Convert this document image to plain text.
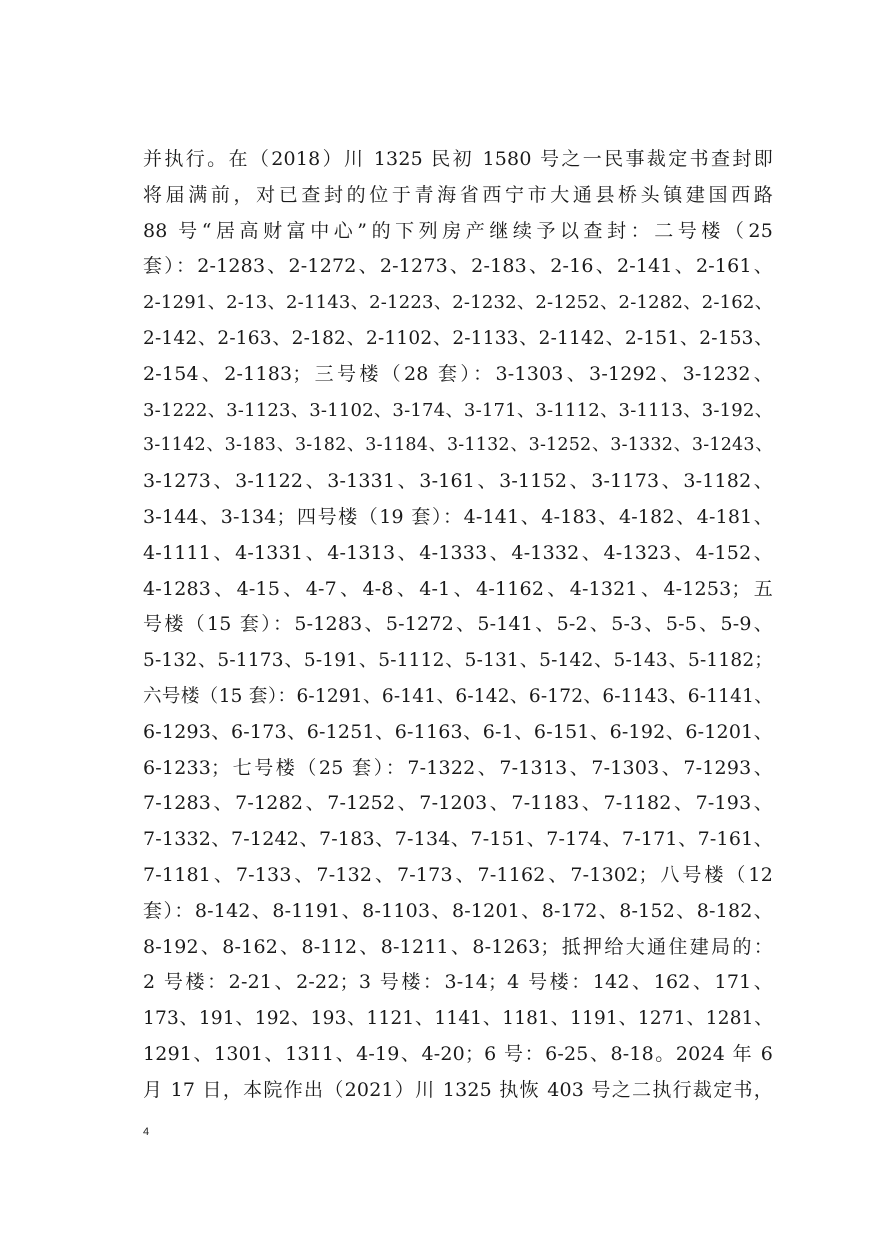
并执行。在（2018）川 1325 民初 1580 号之一民事裁定书查封即
将届满前，对已查封的位于青海省西宁市大通县桥头镇建国西路
88 号“居高财富中心”的下列房产继续予以查封：二号楼（25
套）：2-1283、2-1272、2-1273、2-183、2-16、2-141、2-161、
2-1291、2-13、2-1143、2-1223、2-1232、2-1252、2-1282、2-162、
2-142、2-163、2-182、2-1102、2-1133、2-1142、2-151、2-153、
2-154、2-1183；三号楼（28 套）：3-1303、3-1292、3-1232、
3-1222、3-1123、3-1102、3-174、3-171、3-1112、3-1113、3-192、
3-1142、3-183、3-182、3-1184、3-1132、3-1252、3-1332、3-1243、
3-1273、3-1122、3-1331、3-161、3-1152、3-1173、3-1182、
3-144、3-134；四号楼（19 套）：4-141、4-183、4-182、4-181、
4-1111、4-1331、4-1313、4-1333、4-1332、4-1323、4-152、
4-1283、4-15、4-7、4-8、4-1、4-1162、4-1321、4-1253；五
号楼（15 套）：5-1283、5-1272、5-141、5-2、5-3、5-5、5-9、
5-132、5-1173、5-191、5-1112、5-131、5-142、5-143、5-1182；
六号楼（15 套）：6-1291、6-141、6-142、6-172、6-1143、6-1141、
6-1293、6-173、6-1251、6-1163、6-1、6-151、6-192、6-1201、
6-1233；七号楼（25 套）：7-1322、7-1313、7-1303、7-1293、
7-1283、7-1282、7-1252、7-1203、7-1183、7-1182、7-193、
7-1332、7-1242、7-183、7-134、7-151、7-174、7-171、7-161、
7-1181、7-133、7-132、7-173、7-1162、7-1302；八号楼（12
套）：8-142、8-1191、8-1103、8-1201、8-172、8-152、8-182、
8-192、8-162、8-112、8-1211、8-1263；抵押给大通住建局的：
2 号楼：2-21、2-22；3 号楼：3-14；4 号楼：142、162、171、
173、191、192、193、1121、1141、1181、1191、1271、1281、
1291、1301、1311、4-19、4-20；6 号：6-25、8-18。2024 年 6
月 17 日，本院作出（2021）川 1325 执恢 403 号之二执行裁定书，
4
